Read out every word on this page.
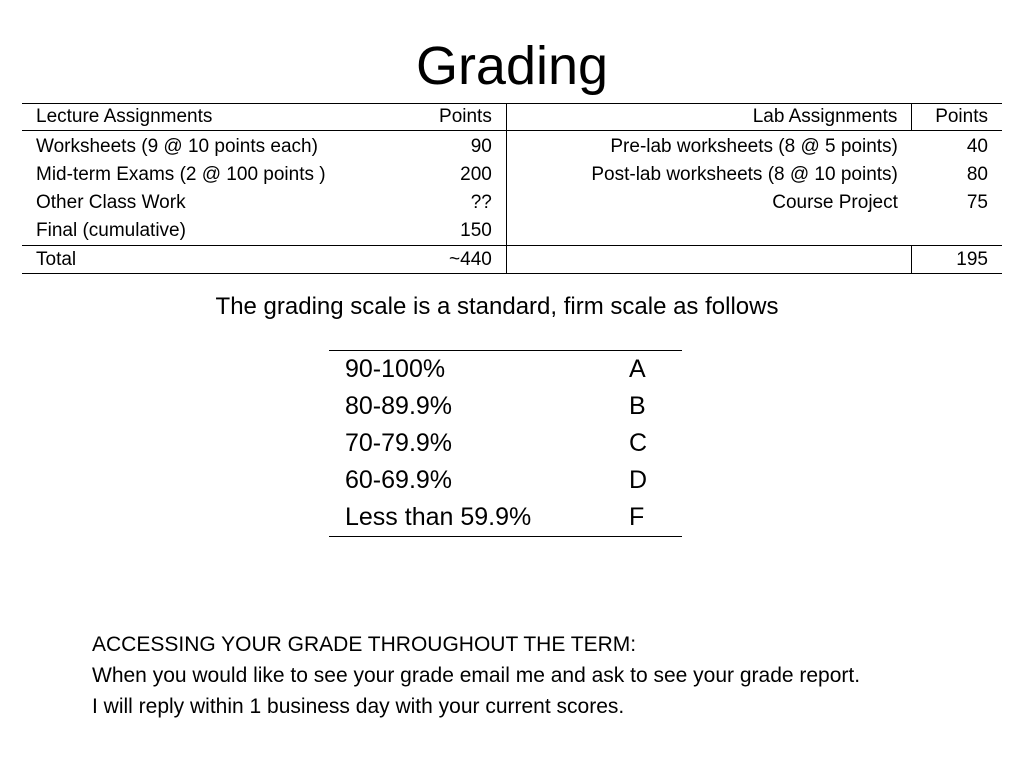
Grading
Lecture Assignments	Points	Lab Assignments	Points
Worksheets (9 @ 10 points each)	90	Pre-lab worksheets (8 @ 5 points)	40
Mid-term Exams (2 @ 100 points )	200	Post-lab worksheets (8 @ 10 points)	80
Other Class Work	??	Course Project	75
Final (cumulative)	150		
Total	~440		195
The grading scale is a standard, firm scale as follows
90-100%	A
80-89.9%	B
70-79.9%	C
60-69.9%	D
Less than 59.9%	F
ACCESSING YOUR GRADE THROUGHOUT THE TERM:
When you would like to see your grade email me and ask to see your grade report.
I will reply within 1 business day with your current scores.
